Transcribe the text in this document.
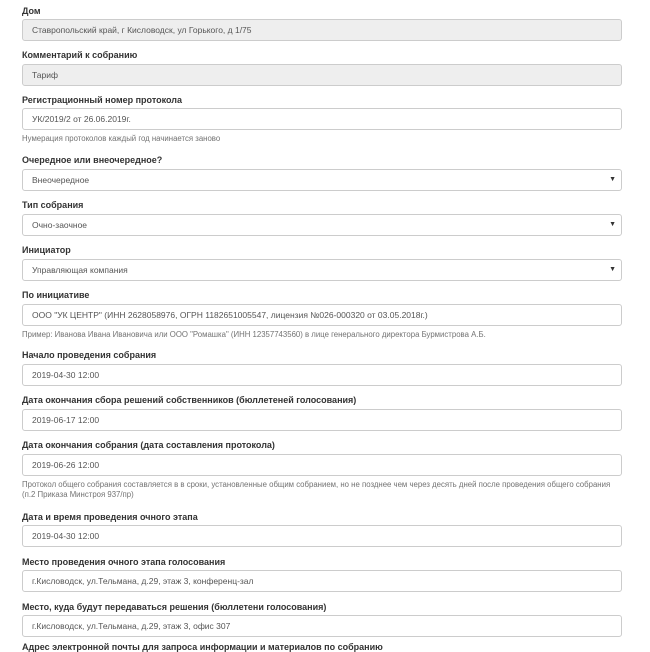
Дом
Ставропольский край, г Кисловодск, ул Горького, д 1/75
Комментарий к собранию
Тариф
Регистрационный номер протокола
УК/2019/2 от 26.06.2019г.
Нумерация протоколов каждый год начинается заново
Очередное или внеочередное?
Внеочередное	▼
Тип собрания
Очно-заочное	▼
Инициатор
Управляющая компания	▼
По инициативе
ООО "УК ЦЕНТР" (ИНН 2628058976, ОГРН 1182651005547, лицензия №026-000320 от 03.05.2018г.)
Пример: Иванова Ивана Ивановича или ООО "Ромашка" (ИНН 12357743560) в лице генерального директора Бурмистрова А.Б.
Начало проведения собрания
2019-04-30 12:00
Дата окончания сбора решений собственников (бюллетеней голосования)
2019-06-17 12:00
Дата окончания собрания (дата составления протокола)
2019-06-26 12:00
Протокол общего собрания составляется в в сроки, установленные общим собранием, но не позднее чем через десять дней после проведения общего собрания (п.2 Приказа Минстроя 937/пр)
Дата и время проведения очного этапа
2019-04-30 12:00
Место проведения очного этапа голосования
г.Кисловодск, ул.Тельмана, д.29, этаж 3, конференц-зал
Место, куда будут передаваться решения (бюллетени голосования)
г.Кисловодск, ул.Тельмана, д.29, этаж 3, офис 307
Адрес электронной почты для запроса информации и материалов по собранию
